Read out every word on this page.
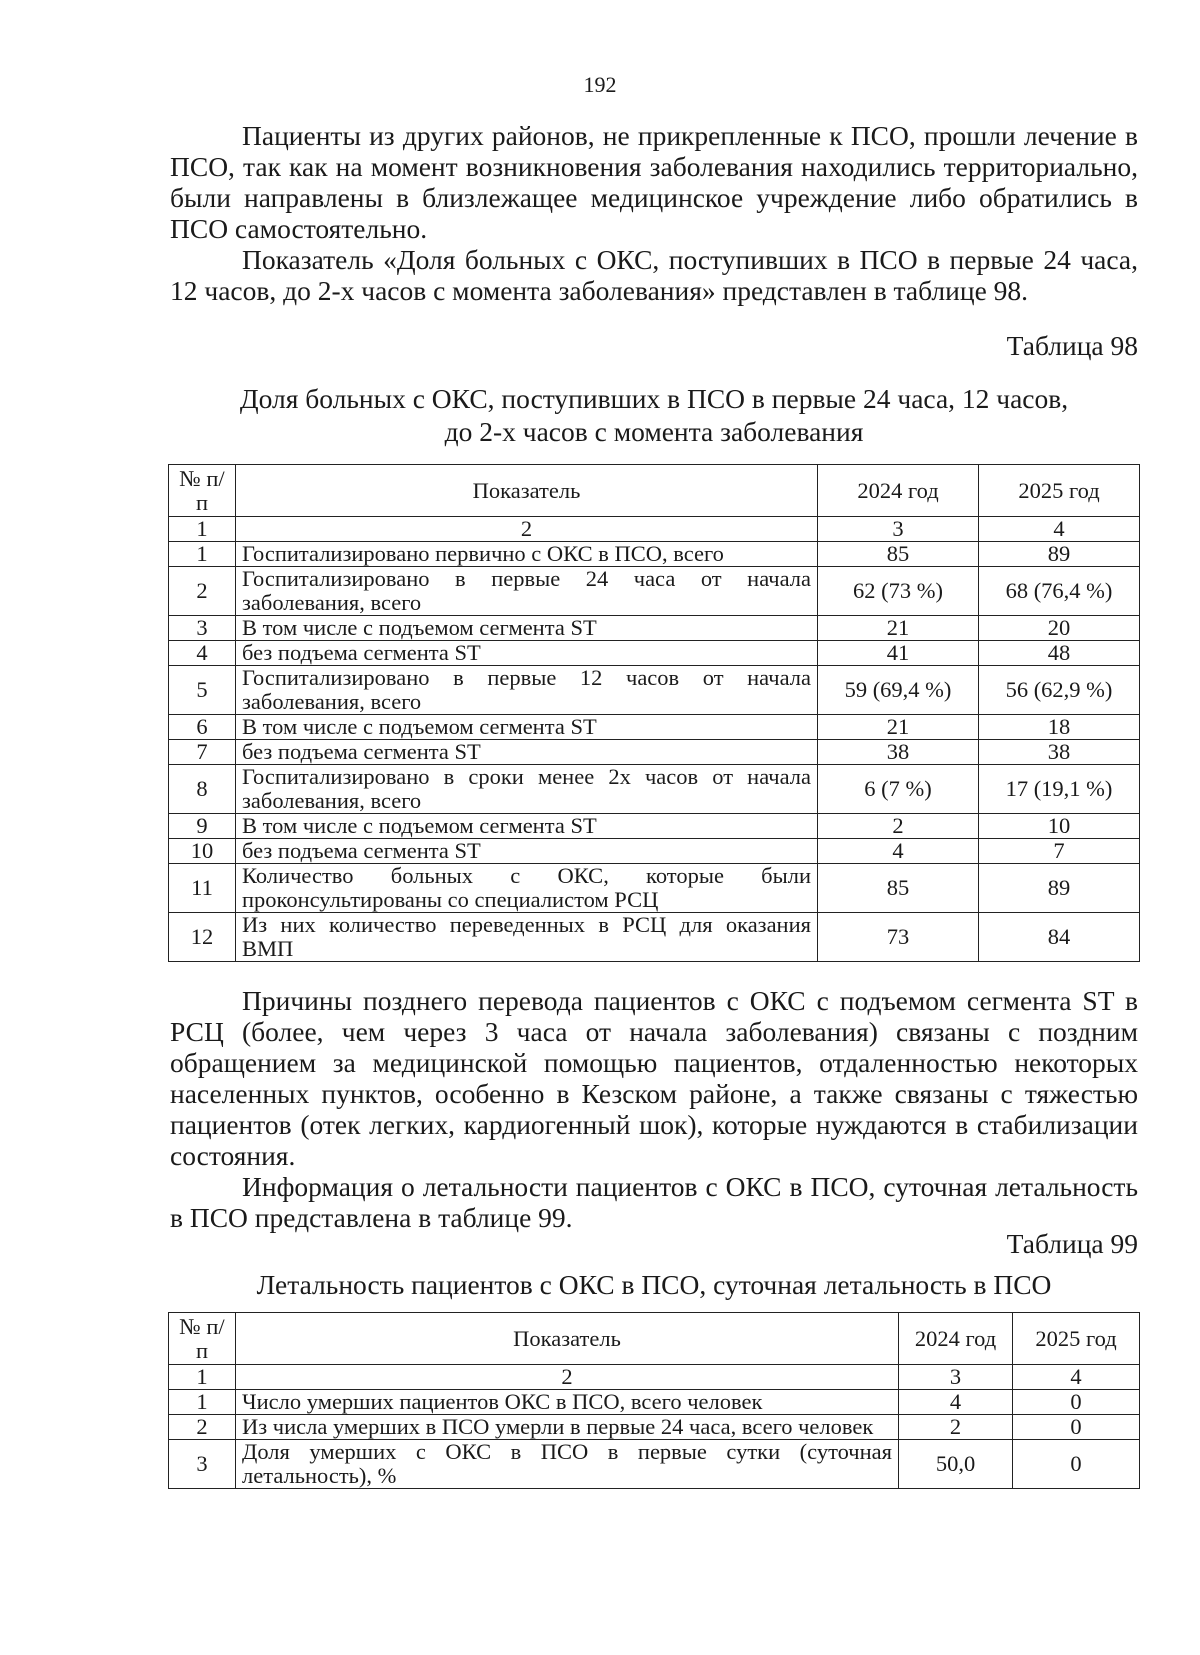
192

Пациенты из других районов, не прикрепленные к ПСО, прошли лечение в ПСО, так как на момент возникновения заболевания находились территориально, были направлены в близлежащее медицинское учреждение либо обратились в ПСО самостоятельно.

Показатель «Доля больных с ОКС, поступивших в ПСО в первые 24 часа, 12 часов, до 2-х часов с момента заболевания» представлен в таблице 98.

Таблица 98
Доля больных с ОКС, поступивших в ПСО в первые 24 часа, 12 часов,
до 2-х часов с момента заболевания
№ п/п	Показатель	2024 год	2025 год
1	2	3	4
1	Госпитализировано первично с ОКС в ПСО, всего	85	89
2	Госпитализировано в первые 24 часа от начала заболевания, всего	62 (73 %)	68 (76,4 %)
3	В том числе с подъемом сегмента ST	21	20
4	без подъема сегмента ST	41	48
5	Госпитализировано в первые 12 часов от начала заболевания, всего	59 (69,4 %)	56 (62,9 %)
6	В том числе с подъемом сегмента ST	21	18
7	без подъема сегмента ST	38	38
8	Госпитализировано в сроки менее 2х часов от начала заболевания, всего	6 (7 %)	17 (19,1 %)
9	В том числе с подъемом сегмента ST	2	10
10	без подъема сегмента ST	4	7
11	Количество больных с ОКС, которые были проконсультированы со специалистом РСЦ	85	89
12	Из них количество переведенных в РСЦ для оказания ВМП	73	84

Причины позднего перевода пациентов с ОКС с подъемом сегмента ST в РСЦ (более, чем через 3 часа от начала заболевания) связаны с поздним обращением за медицинской помощью пациентов, отдаленностью некоторых населенных пунктов, особенно в Кезском районе, а также связаны с тяжестью пациентов (отек легких, кардиогенный шок), которые нуждаются в стабилизации состояния.

Информация о летальности пациентов с ОКС в ПСО, суточная летальность в ПСО представлена в таблице 99.

Таблица 99
Летальность пациентов с ОКС в ПСО, суточная летальность в ПСО
№ п/п	Показатель	2024 год	2025 год
1	2	3	4
1	Число умерших пациентов ОКС в ПСО, всего человек	4	0
2	Из числа умерших в ПСО умерли в первые 24 часа, всего человек	2	0
3	Доля умерших с ОКС в ПСО в первые сутки (суточная летальность), %	50,0	0
